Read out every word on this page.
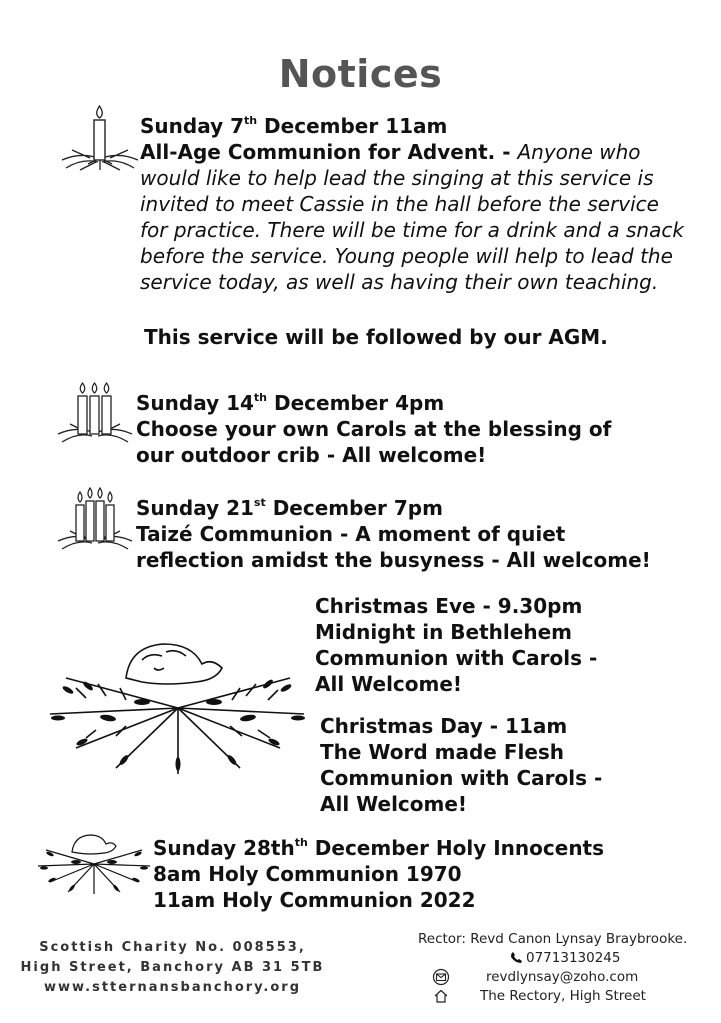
Notices
Sunday 7th December 11am
All-Age Communion for Advent. - Anyone who would like to help lead the singing at this service is invited to meet Cassie in the hall before the service for practice. There will be time for a drink and a snack before the service. Young people will help to lead the service today, as well as having their own teaching.
This service will be followed by our AGM.
Sunday 14th December 4pm
Choose your own Carols at the blessing of
our outdoor crib - All welcome!
Sunday 21st December 7pm
Taizé Communion - A moment of quiet
reflection amidst the busyness - All welcome!
Christmas Eve - 9.30pm
Midnight in Bethlehem
Communion with Carols -
All Welcome!
Christmas Day - 11am
The Word made Flesh
Communion with Carols -
All Welcome!
Sunday $28th^{th}$ December Holy Innocents
8am Holy Communion 1970
11am Holy Communion 2022
Scottish Charity No. 008553,
High Street, Banchory AB 31 5TB
www.stternansbanchory.org
Rector: Revd Canon Lynsay Braybrooke.
07713130245
revdlynsay@zoho.com
The Rectory, High Street
